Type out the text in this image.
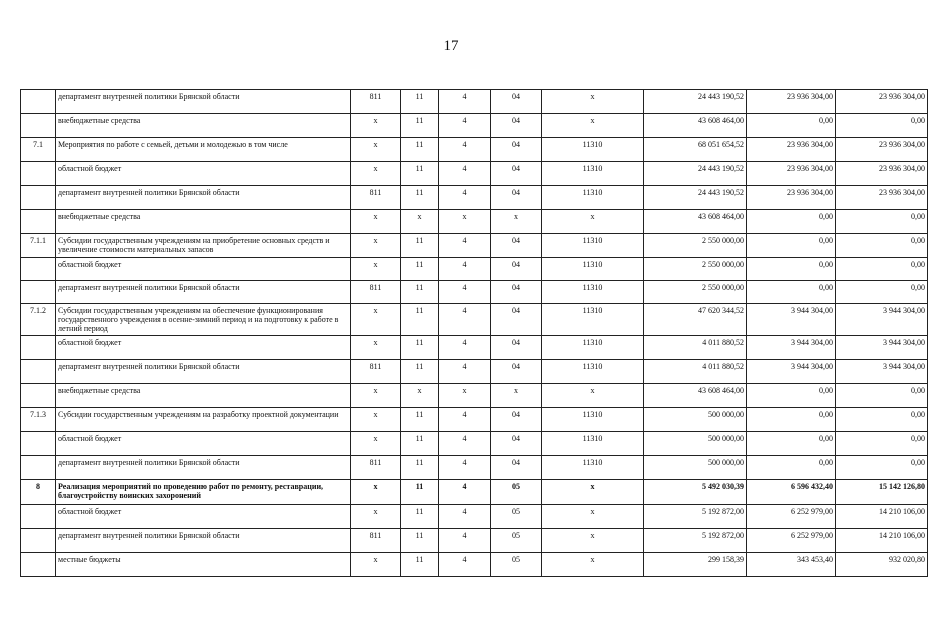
17
	департамент внутренней политики Брянской области	811	11	4	04	х	24 443 190,52	23 936 304,00	23 936 304,00
	внебюджетные средства	х	11	4	04	х	43 608 464,00	0,00	0,00
7.1	Мероприятия по работе с семьей, детьми и молодежью в том числе	х	11	4	04	11310	68 051 654,52	23 936 304,00	23 936 304,00
	областной бюджет	х	11	4	04	11310	24 443 190,52	23 936 304,00	23 936 304,00
	департамент внутренней политики Брянской области	811	11	4	04	11310	24 443 190,52	23 936 304,00	23 936 304,00
	внебюджетные средства	х	х	х	х	х	43 608 464,00	0,00	0,00
7.1.1	Субсидии государственным учреждениям на приобретение основных средств и увеличение стоимости материальных запасов	х	11	4	04	11310	2 550 000,00	0,00	0,00
	областной бюджет	х	11	4	04	11310	2 550 000,00	0,00	0,00
	департамент внутренней политики Брянской области	811	11	4	04	11310	2 550 000,00	0,00	0,00
7.1.2	Субсидии государственным учреждениям на обеспечение функционирования государственного учреждения в осенне-зимний период и на подготовку к работе в летний период	х	11	4	04	11310	47 620 344,52	3 944 304,00	3 944 304,00
	областной бюджет	х	11	4	04	11310	4 011 880,52	3 944 304,00	3 944 304,00
	департамент внутренней политики Брянской области	811	11	4	04	11310	4 011 880,52	3 944 304,00	3 944 304,00
	внебюджетные средства	х	х	х	х	х	43 608 464,00	0,00	0,00
7.1.3	Субсидии государственным учреждениям на разработку проектной документации	х	11	4	04	11310	500 000,00	0,00	0,00
	областной бюджет	х	11	4	04	11310	500 000,00	0,00	0,00
	департамент внутренней политики Брянской области	811	11	4	04	11310	500 000,00	0,00	0,00
8	Реализация мероприятий по проведению работ по ремонту, реставрации, благоустройству воинских захоронений	х	11	4	05	х	5 492 030,39	6 596 432,40	15 142 126,80
	областной бюджет	х	11	4	05	х	5 192 872,00	6 252 979,00	14 210 106,00
	департамент внутренней политики Брянской области	811	11	4	05	х	5 192 872,00	6 252 979,00	14 210 106,00
	местные бюджеты	х	11	4	05	х	299 158,39	343 453,40	932 020,80
